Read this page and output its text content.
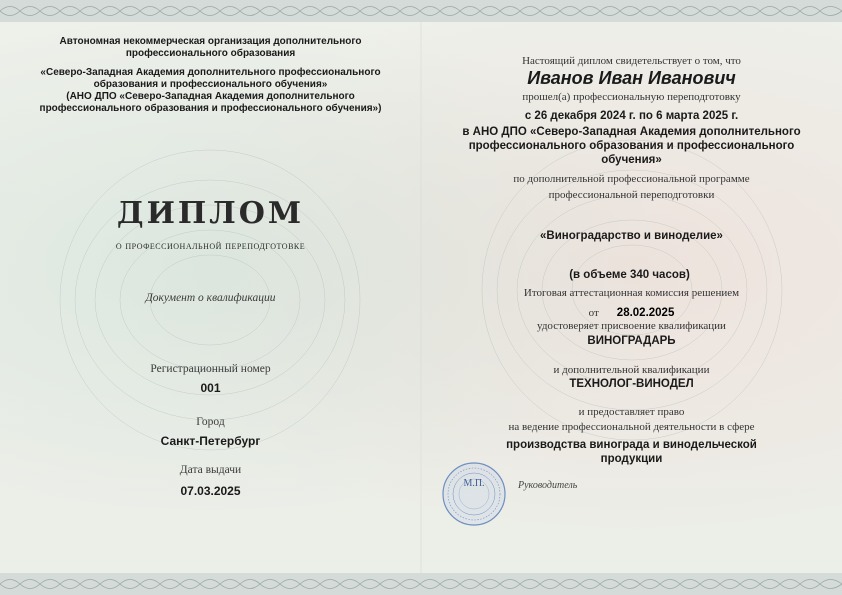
Автономная некоммерческая организация дополнительного

профессионального образования

«Северо-Западная Академия дополнительного профессионального

образования и профессионального обучения»

(АНО ДПО «Северо-Западная Академия дополнительного

профессионального образования и профессионального обучения»)

ДИПЛОМ

о профессиональной переподготовке

Документ о квалификации

Регистрационный номер

001

Город

Санкт-Петербург

Дата выдачи

07.03.2025

Настоящий диплом свидетельствует о том, что

Иванов Иван Иванович

прошел(а) профессиональную переподготовку

с 26 декабря 2024 г. по 6 марта 2025 г.

в АНО ДПО «Северо-Западная Академия дополнительного

профессионального образования и профессионального

обучения»

по дополнительной профессиональной программе

профессиональной переподготовки

«Виноградарство и виноделие»

(в объеме 340 часов)

Итоговая аттестационная комиссия решением

от 28.02.2025

удостоверяет присвоение квалификации

ВИНОГРАДАРЬ

и дополнительной квалификации

ТЕХНОЛОГ-ВИНОДЕЛ

и предоставляет право

на ведение профессиональной деятельности в сфере

производства винограда и винодельческой

продукции

М.П.	Руководитель
